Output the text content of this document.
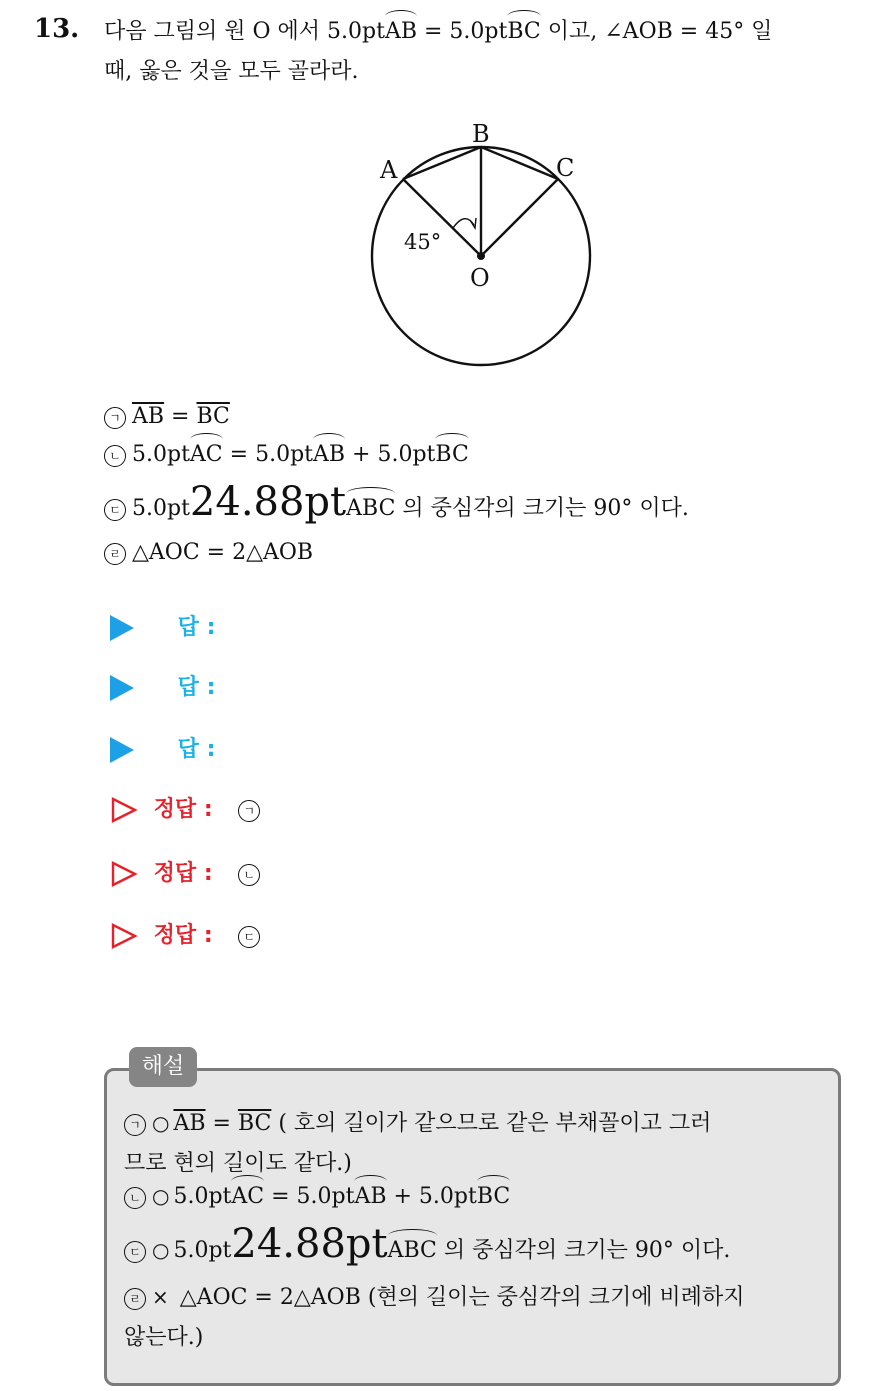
13. 다음 그림의 원 O 에서 5.0ptAB = 5.0ptBC 이고, ∠AOB = 45° 일
때, 옳은 것을 모두 골라라.
B
A	C
O
45°
ㄱ $\overline{AB} = \overline{BC}$
ㄴ 5.0ptAC = 5.0ptAB + 5.0ptBC
ㄷ 5.0pt24.88ptABC 의 중심각의 크기는 90° 이다.
ㄹ △AOC = 2△AOB
답 :
답 :
답 :
정답 :	ㄱ
정답 :	ㄴ
정답 :	ㄷ
해설
ㄱ ○ $\overline{AB} = \overline{BC}$ ( 호의 길이가 같으므로 같은 부채꼴이고 그러
므로 현의 길이도 같다.)
ㄴ ○ 5.0ptAC = 5.0ptAB + 5.0ptBC
ㄷ ○ 5.0pt24.88ptABC 의 중심각의 크기는 90° 이다.
ㄹ × △AOC = 2△AOB (현의 길이는 중심각의 크기에 비례하지
않는다.)
